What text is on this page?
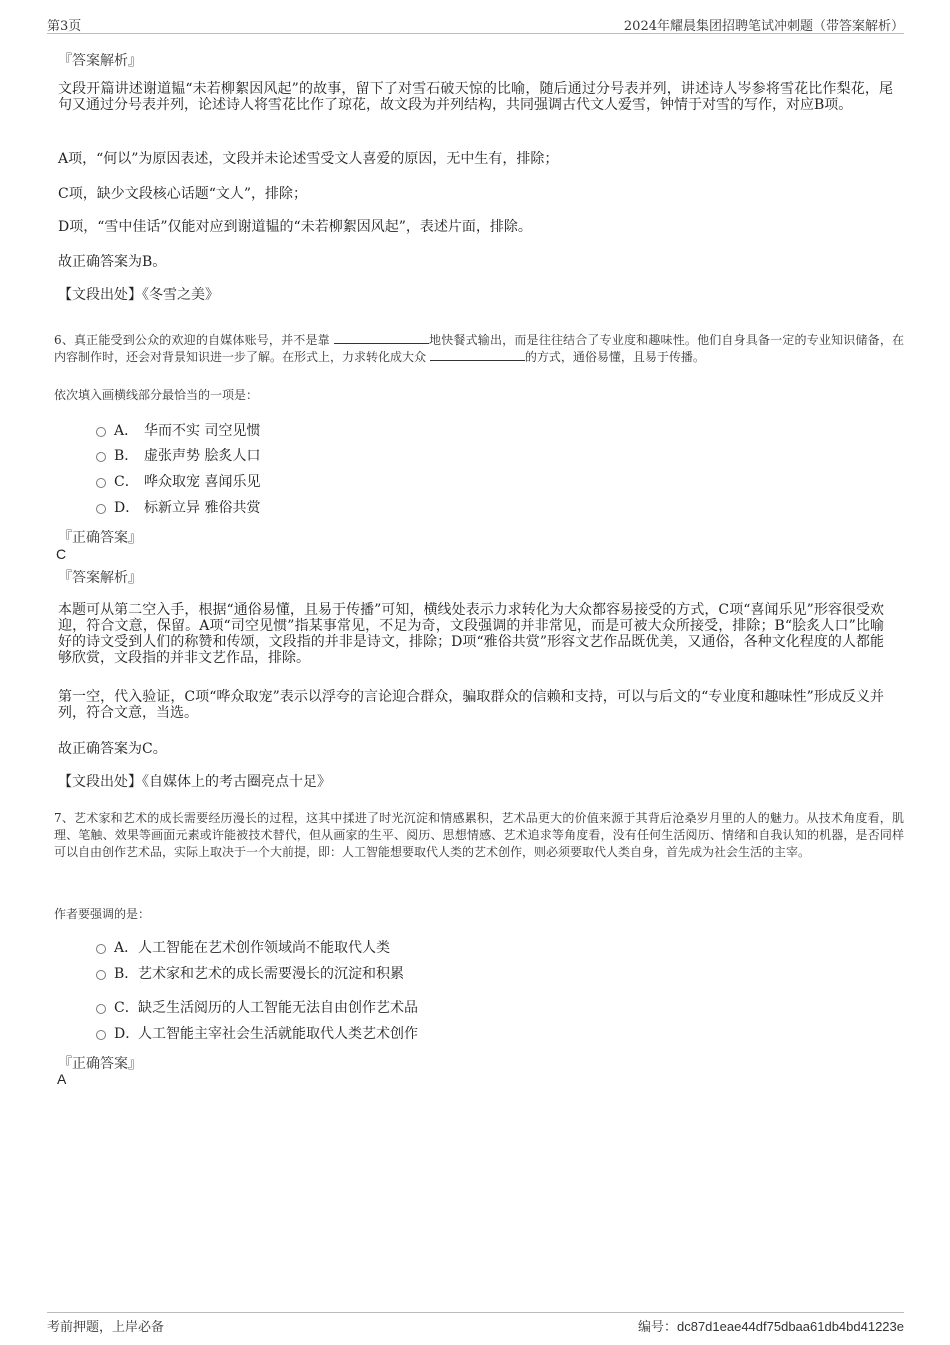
第3页	2024年耀晨集团招聘笔试冲刺题（带答案解析）
『答案解析』
文段开篇讲述谢道韫“未若柳絮因风起”的故事，留下了对雪石破天惊的比喻，随后通过分号表并列，讲述诗人岑参将雪花比作梨花，尾句又通过分号表并列，论述诗人将雪花比作了琼花，故文段为并列结构，共同强调古代文人爱雪，钟情于对雪的写作，对应B项。
A项，“何以”为原因表述，文段并未论述雪受文人喜爱的原因，无中生有，排除；
C项，缺少文段核心话题“文人”，排除；
D项，“雪中佳话”仅能对应到谢道韫的“未若柳絮因风起”，表述片面，排除。
故正确答案为B。
【文段出处】《冬雪之美》
6、真正能受到公众的欢迎的自媒体账号，并不是靠	地快餐式输出，而是往往结合了专业度和趣味性。他们自身具备一定的专业知识储备，在内容制作时，还会对背景知识进一步了解。在形式上，力求转化成大众	的方式，通俗易懂，且易于传播。
依次填入画横线部分最恰当的一项是：
A． 华而不实 司空见惯
B． 虚张声势 脍炙人口
C． 哗众取宠 喜闻乐见
D． 标新立异 雅俗共赏
『正确答案』
C
『答案解析』
本题可从第二空入手，根据“通俗易懂，且易于传播”可知，横线处表示力求转化为大众都容易接受的方式，C项“喜闻乐见”形容很受欢迎，符合文意，保留。A项“司空见惯”指某事常见，不足为奇，文段强调的并非常见，而是可被大众所接受，排除；B“脍炙人口”比喻好的诗文受到人们的称赞和传颂，文段指的并非是诗文，排除；D项“雅俗共赏”形容文艺作品既优美，又通俗，各种文化程度的人都能够欣赏，文段指的并非文艺作品，排除。
第一空，代入验证，C项“哗众取宠”表示以浮夸的言论迎合群众，骗取群众的信赖和支持，可以与后文的“专业度和趣味性”形成反义并列，符合文意，当选。
故正确答案为C。
【文段出处】《自媒体上的考古圈亮点十足》
7、艺术家和艺术的成长需要经历漫长的过程，这其中揉进了时光沉淀和情感累积，艺术品更大的价值来源于其背后沧桑岁月里的人的魅力。从技术角度看，肌理、笔触、效果等画面元素或许能被技术替代，但从画家的生平、阅历、思想情感、艺术追求等角度看，没有任何生活阅历、情绪和自我认知的机器，是否同样可以自由创作艺术品，实际上取决于一个大前提，即：人工智能想要取代人类的艺术创作，则必须要取代人类自身，首先成为社会生活的主宰。
作者要强调的是：
A． 人工智能在艺术创作领域尚不能取代人类
B． 艺术家和艺术的成长需要漫长的沉淀和积累
C． 缺乏生活阅历的人工智能无法自由创作艺术品
D．
人工智能主宰社会生活就能取代人类艺术创作
『正确答案』
A
考前押题，上岸必备	编号：dc87d1eae44df75dbaa61db4bd41223e
